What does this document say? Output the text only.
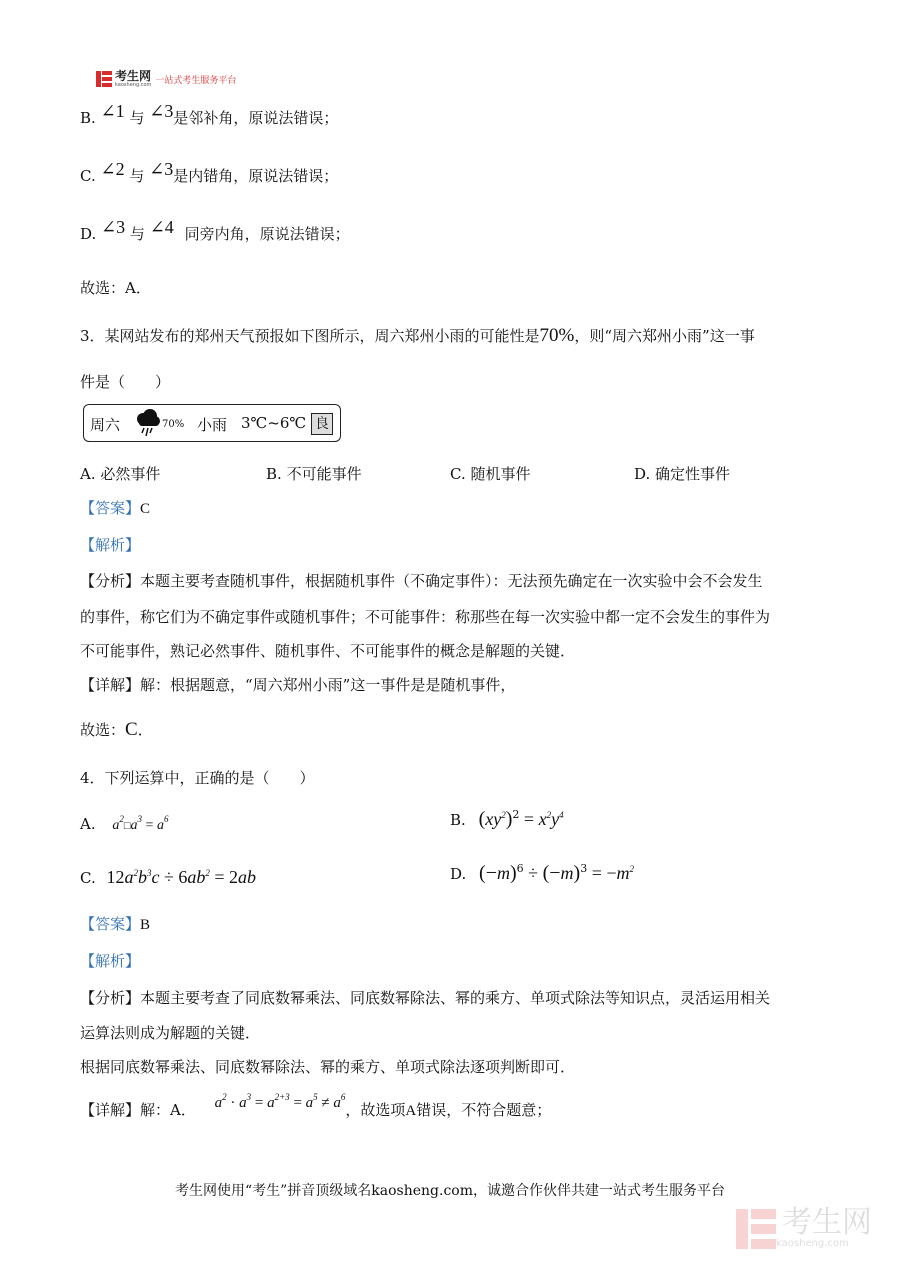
考生网
kaosheng.com 一站式考生服务平台
B. ∠1 与 ∠3是邻补角，原说法错误；
C. ∠2 与 ∠3是内错角，原说法错误；
D. ∠3 与 ∠4 同旁内角，原说法错误；
故选：A．
3．某网站发布的郑州天气预报如下图所示，周六郑州小雨的可能性是70%，则“周六郑州小雨”这一事
件是（　　）
周六	70% 小雨 3℃~6℃ 良
A. 必然事件	B. 不可能事件	C. 随机事件	D. 确定性事件
【答案】C
【解析】
【分析】本题主要考查随机事件，根据随机事件（不确定事件）：无法预先确定在一次实验中会不会发生
的事件，称它们为不确定事件或随机事件；不可能事件：称那些在每一次实验中都一定不会发生的事件为
不可能事件，熟记必然事件、随机事件、不可能事件的概念是解题的关键．
【详解】解：根据题意，“周六郑州小雨”这一事件是是随机事件，
故选：C．
4．下列运算中，正确的是（　　）
A. $a^2□a^3 = a^6$	B. $(xy^2)^2 = x^2y^4$
C. $12a^2b^3c \div 6ab^2 = 2ab$	D. $(-m)^6 \div (-m)^3 = -m^2$
【答案】B
【解析】
【分析】本题主要考查了同底数幂乘法、同底数幂除法、幂的乘方、单项式除法等知识点，灵活运用相关
运算法则成为解题的关键．
根据同底数幂乘法、同底数幂除法、幂的乘方、单项式除法逐项判断即可．
【详解】解：A． $a^2 \cdot a^3 = a^{2+3} = a^5 \ne a^6$，故选项A错误，不符合题意；
考生网使用“考生”拼音顶级域名kaosheng.com，诚邀合作伙伴共建一站式考生服务平台
考生网
kaosheng.com
